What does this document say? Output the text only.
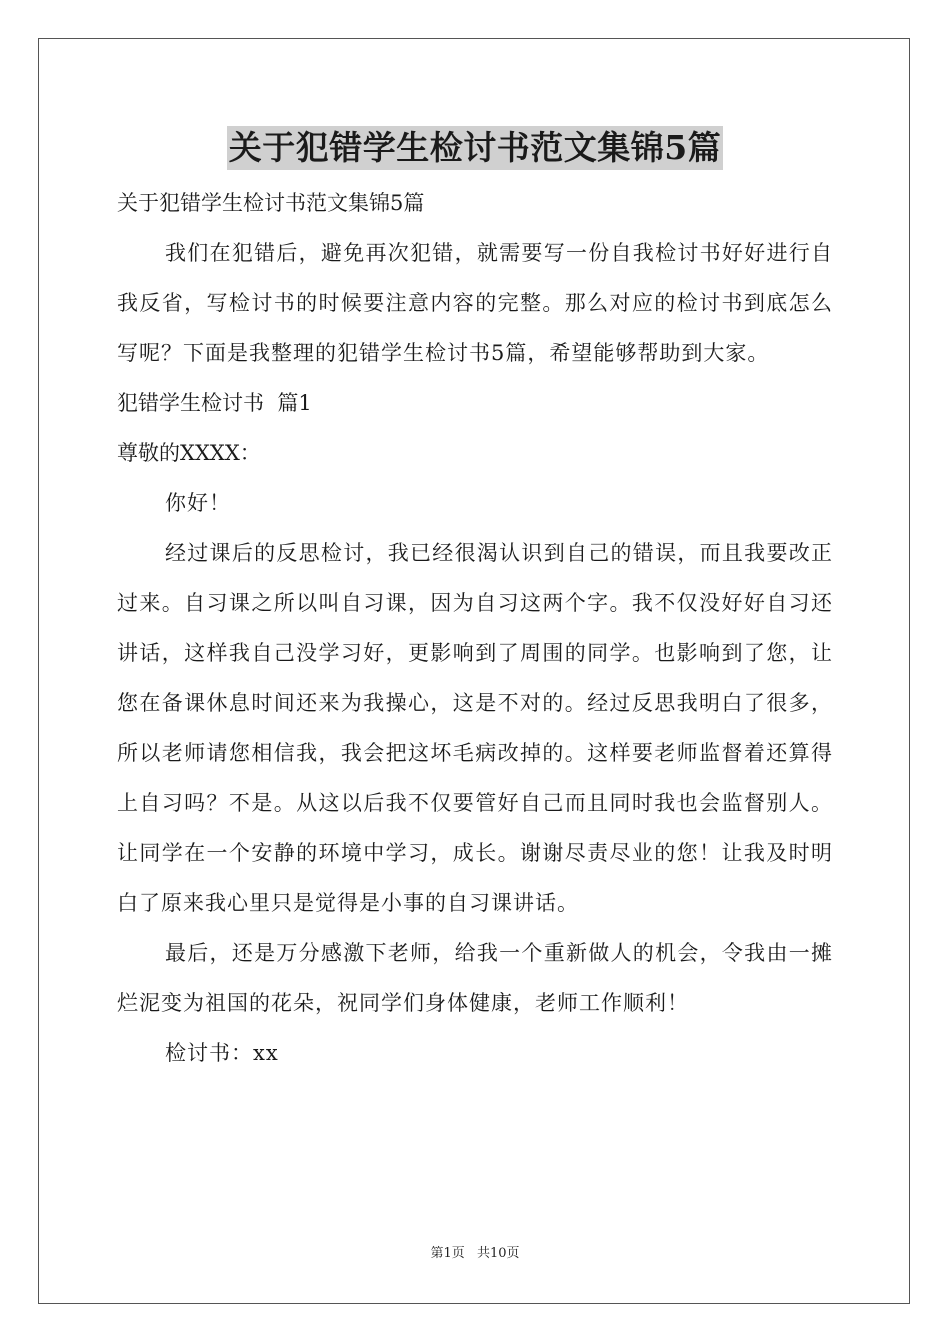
关于犯错学生检讨书范文集锦5篇

关于犯错学生检讨书范文集锦5篇

我们在犯错后，避免再次犯错，就需要写一份自我检讨书好好进行自我反省，写检讨书的时候要注意内容的完整。那么对应的检讨书到底怎么写呢？下面是我整理的犯错学生检讨书5篇，希望能够帮助到大家。

犯错学生检讨书  篇1

尊敬的XXXX：

你好！

经过课后的反思检讨，我已经很渴认识到自己的错误，而且我要改正过来。自习课之所以叫自习课，因为自习这两个字。我不仅没好好自习还讲话，这样我自己没学习好，更影响到了周围的同学。也影响到了您，让您在备课休息时间还来为我操心，这是不对的。经过反思我明白了很多，所以老师请您相信我，我会把这坏毛病改掉的。这样要老师监督着还算得上自习吗？不是。从这以后我不仅要管好自己而且同时我也会监督别人。让同学在一个安静的环境中学习，成长。谢谢尽责尽业的您！让我及时明白了原来我心里只是觉得是小事的自习课讲话。

最后，还是万分感激下老师，给我一个重新做人的机会，令我由一摊烂泥变为祖国的花朵，祝同学们身体健康，老师工作顺利！

检讨书：xx

第1页 共10页
